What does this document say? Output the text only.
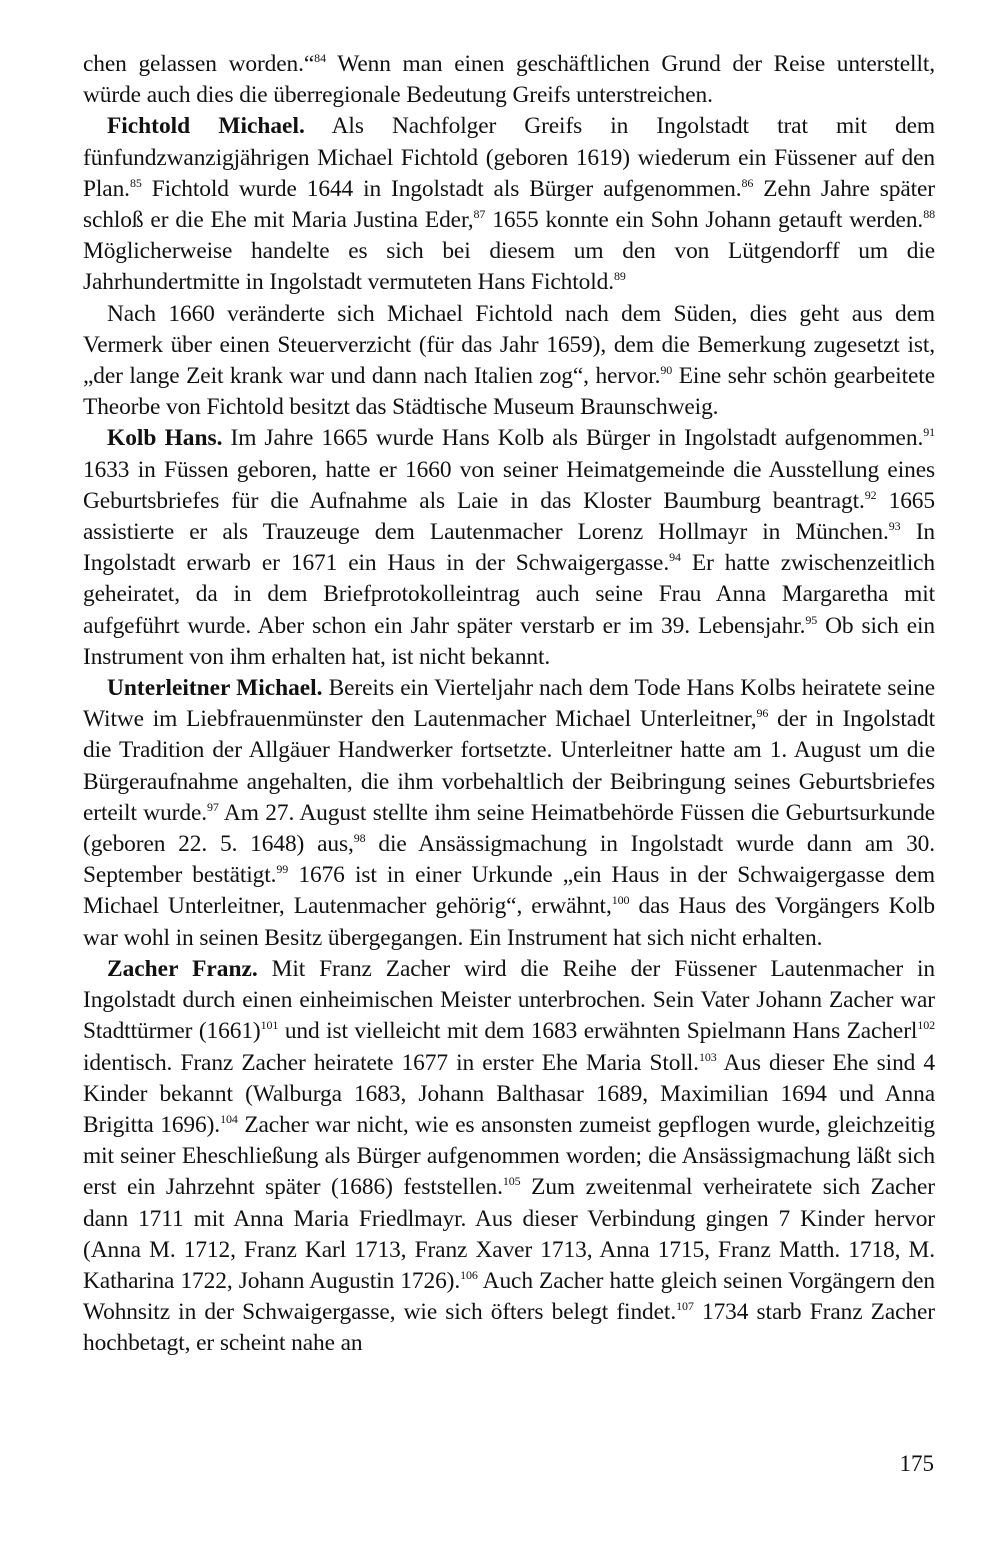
chen gelassen worden.“$^{84}$ Wenn man einen geschäftlichen Grund der Reise unterstellt, würde auch dies die überregionale Bedeutung Greifs unterstreichen.

Fichtold Michael. Als Nachfolger Greifs in Ingolstadt trat mit dem fünfundzwanzigjährigen Michael Fichtold (geboren 1619) wiederum ein Füssener auf den Plan.$^{85}$ Fichtold wurde 1644 in Ingolstadt als Bürger aufgenommen.$^{86}$ Zehn Jahre später schloß er die Ehe mit Maria Justina Eder,$^{87}$ 1655 konnte ein Sohn Johann getauft werden.$^{88}$ Möglicherweise handelte es sich bei diesem um den von Lütgendorff um die Jahrhundertmitte in Ingolstadt vermuteten Hans Fichtold.$^{89}$

Nach 1660 veränderte sich Michael Fichtold nach dem Süden, dies geht aus dem Vermerk über einen Steuerverzicht (für das Jahr 1659), dem die Bemerkung zugesetzt ist, „der lange Zeit krank war und dann nach Italien zog“, hervor.$^{90}$ Eine sehr schön gearbeitete Theorbe von Fichtold besitzt das Städtische Museum Braunschweig.

Kolb Hans. Im Jahre 1665 wurde Hans Kolb als Bürger in Ingolstadt aufgenommen.$^{91}$ 1633 in Füssen geboren, hatte er 1660 von seiner Heimatgemeinde die Ausstellung eines Geburtsbriefes für die Aufnahme als Laie in das Kloster Baumburg beantragt.$^{92}$ 1665 assistierte er als Trauzeuge dem Lautenmacher Lorenz Hollmayr in München.$^{93}$ In Ingolstadt erwarb er 1671 ein Haus in der Schwaigergasse.$^{94}$ Er hatte zwischenzeitlich geheiratet, da in dem Briefprotokolleintrag auch seine Frau Anna Margaretha mit aufgeführt wurde. Aber schon ein Jahr später verstarb er im 39. Lebensjahr.$^{95}$ Ob sich ein Instrument von ihm erhalten hat, ist nicht bekannt.

Unterleitner Michael. Bereits ein Vierteljahr nach dem Tode Hans Kolbs heiratete seine Witwe im Liebfrauenmünster den Lautenmacher Michael Unterleitner,$^{96}$ der in Ingolstadt die Tradition der Allgäuer Handwerker fortsetzte. Unterleitner hatte am 1. August um die Bürgeraufnahme angehalten, die ihm vorbehaltlich der Beibringung seines Geburtsbriefes erteilt wurde.$^{97}$ Am 27. August stellte ihm seine Heimatbehörde Füssen die Geburtsurkunde (geboren 22. 5. 1648) aus,$^{98}$ die Ansässigmachung in Ingolstadt wurde dann am 30. September bestätigt.$^{99}$ 1676 ist in einer Urkunde „ein Haus in der Schwaigergasse dem Michael Unterleitner, Lautenmacher gehörig“, erwähnt,$^{100}$ das Haus des Vorgängers Kolb war wohl in seinen Besitz übergegangen. Ein Instrument hat sich nicht erhalten.

Zacher Franz. Mit Franz Zacher wird die Reihe der Füssener Lautenmacher in Ingolstadt durch einen einheimischen Meister unterbrochen. Sein Vater Johann Zacher war Stadttürmer $(1661)^{101}$ und ist vielleicht mit dem 1683 erwähnten Spielmann Hans Zacherl$^{102}$ identisch. Franz Zacher heiratete 1677 in erster Ehe Maria Stoll.$^{103}$ Aus dieser Ehe sind 4 Kinder bekannt (Walburga 1683, Johann Balthasar 1689, Maximilian 1694 und Anna Brigitta 1696).$^{104}$ Zacher war nicht, wie es ansonsten zumeist gepflogen wurde, gleichzeitig mit seiner Eheschließung als Bürger aufgenommen worden; die Ansässigmachung läßt sich erst ein Jahrzehnt später (1686) feststellen.$^{105}$ Zum zweitenmal verheiratete sich Zacher dann 1711 mit Anna Maria Friedlmayr. Aus dieser Verbindung gingen 7 Kinder hervor (Anna M. 1712, Franz Karl 1713, Franz Xaver 1713, Anna 1715, Franz Matth. 1718, M. Katharina 1722, Johann Augustin 1726).$^{106}$ Auch Zacher hatte gleich seinen Vorgängern den Wohnsitz in der Schwaigergasse, wie sich öfters belegt findet.$^{107}$ 1734 starb Franz Zacher hochbetagt, er scheint nahe an

175
